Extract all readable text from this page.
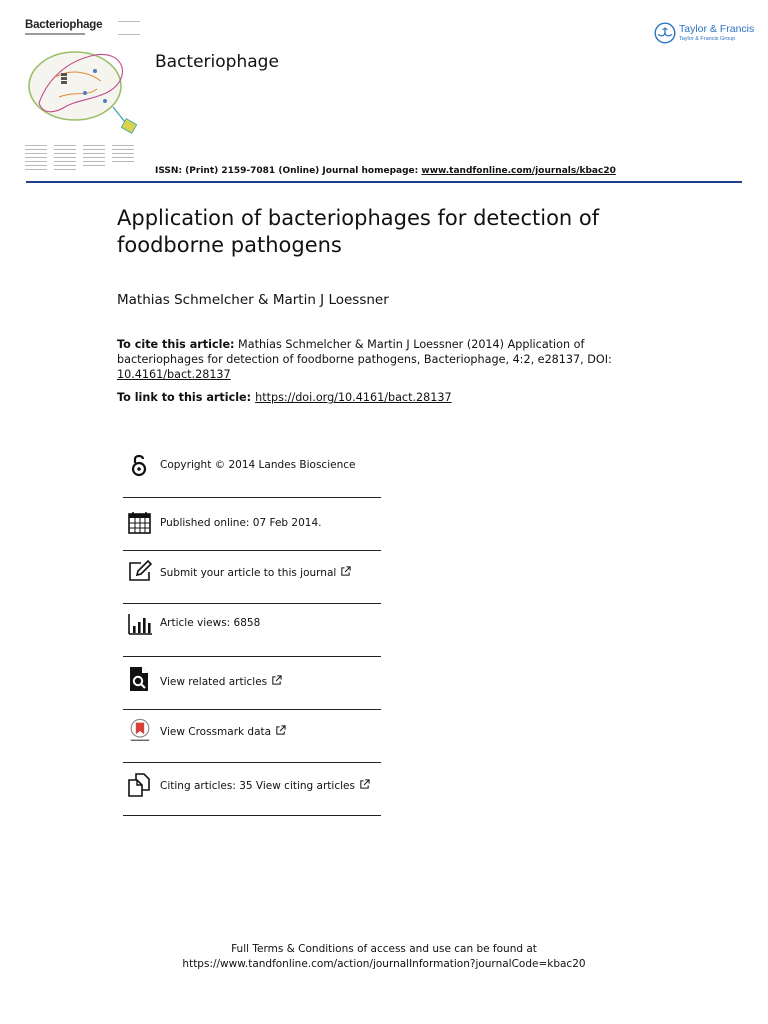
Bacteriophage
Bacteriophage
Taylor & Francis
Taylor & Francis Group
ISSN: (Print) 2159-7081 (Online) Journal homepage: www.tandfonline.com/journals/kbac20
Application of bacteriophages for detection of foodborne pathogens
Mathias Schmelcher & Martin J Loessner
To cite this article: Mathias Schmelcher & Martin J Loessner (2014) Application of bacteriophages for detection of foodborne pathogens, Bacteriophage, 4:2, e28137, DOI: 10.4161/bact.28137
To link to this article: https://doi.org/10.4161/bact.28137
Copyright © 2014 Landes Bioscience
Published online: 07 Feb 2014.
Submit your article to this journal
Article views: 6858
View related articles
View Crossmark data
Citing articles: 35 View citing articles
Full Terms & Conditions of access and use can be found at
https://www.tandfonline.com/action/journalInformation?journalCode=kbac20
